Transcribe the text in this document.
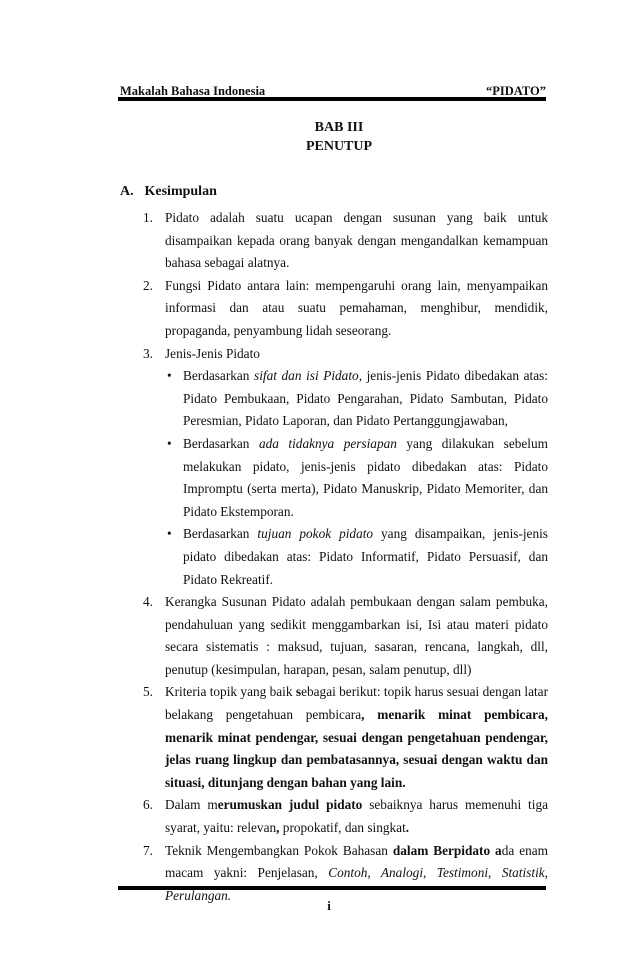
Makalah Bahasa Indonesia	“PIDATO”
BAB III
PENUTUP
A. Kesimpulan
1. Pidato adalah suatu ucapan dengan susunan yang baik untuk disampaikan kepada orang banyak dengan mengandalkan kemampuan bahasa sebagai alatnya.
2. Fungsi Pidato antara lain: mempengaruhi orang lain, menyampaikan informasi dan atau suatu pemahaman, menghibur, mendidik, propaganda, penyambung lidah seseorang.
3. Jenis-Jenis Pidato
• Berdasarkan sifat dan isi Pidato, jenis-jenis Pidato dibedakan atas: Pidato Pembukaan, Pidato Pengarahan, Pidato Sambutan, Pidato Peresmian, Pidato Laporan, dan Pidato Pertanggungjawaban,
• Berdasarkan ada tidaknya persiapan yang dilakukan sebelum melakukan pidato, jenis-jenis pidato dibedakan atas: Pidato Impromptu (serta merta), Pidato Manuskrip, Pidato Memoriter, dan Pidato Ekstemporan.
• Berdasarkan tujuan pokok pidato yang disampaikan, jenis-jenis pidato dibedakan atas: Pidato Informatif, Pidato Persuasif, dan Pidato Rekreatif.
4. Kerangka Susunan Pidato adalah pembukaan dengan salam pembuka, pendahuluan yang sedikit menggambarkan isi, Isi atau materi pidato secara sistematis : maksud, tujuan, sasaran, rencana, langkah, dll, penutup (kesimpulan, harapan, pesan, salam penutup, dll)
5. Kriteria topik yang baik sebagai berikut: topik harus sesuai dengan latar belakang pengetahuan pembicara, menarik minat pembicara, menarik minat pendengar, sesuai dengan pengetahuan pendengar, jelas ruang lingkup dan pembatasannya, sesuai dengan waktu dan situasi, ditunjang dengan bahan yang lain.
6. Dalam merumuskan judul pidato sebaiknya harus memenuhi tiga syarat, yaitu: relevan, propokatif, dan singkat.
7. Teknik Mengembangkan Pokok Bahasan dalam Berpidato ada enam macam yakni: Penjelasan, Contoh, Analogi, Testimoni, Statistik, Perulangan.
i
